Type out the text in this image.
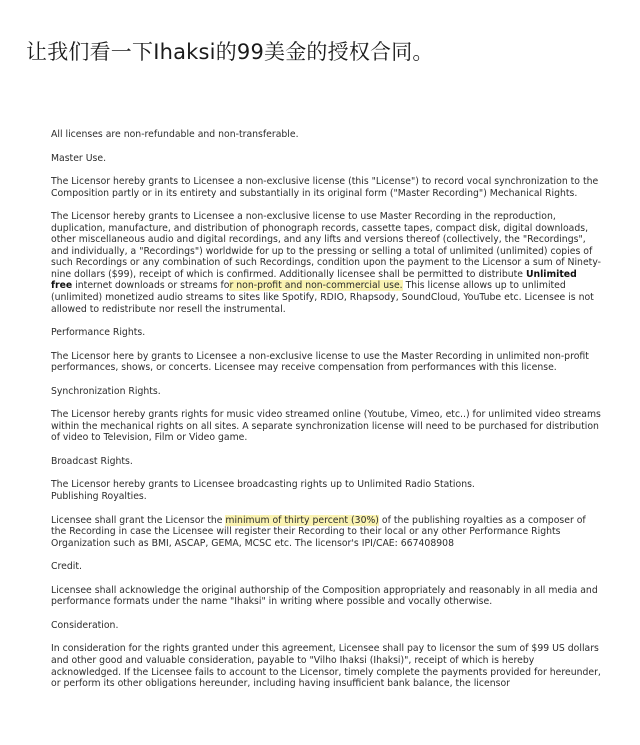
让我们看一下Ihaksi的99美金的授权合同。

All licenses are non-refundable and non-transferable.

Master Use.

The Licensor hereby grants to Licensee a non-exclusive license (this "License") to record vocal synchronization to the Composition partly or in its entirety and substantially in its original form ("Master Recording") Mechanical Rights.

The Licensor hereby grants to Licensee a non-exclusive license to use Master Recording in the reproduction, duplication, manufacture, and distribution of phonograph records, cassette tapes, compact disk, digital downloads, other miscellaneous audio and digital recordings, and any lifts and versions thereof (collectively, the "Recordings", and individually, a "Recordings") worldwide for up to the pressing or selling a total of unlimited (unlimited) copies of such Recordings or any combination of such Recordings, condition upon the payment to the Licensor a sum of Ninety-nine dollars ($99), receipt of which is confirmed. Additionally licensee shall be permitted to distribute Unlimited free internet downloads or streams for non-profit and non-commercial use. This license allows up to unlimited (unlimited) monetized audio streams to sites like Spotify, RDIO, Rhapsody, SoundCloud, YouTube etc. Licensee is not allowed to redistribute nor resell the instrumental.

Performance Rights.

The Licensor here by grants to Licensee a non-exclusive license to use the Master Recording in unlimited non-profit performances, shows, or concerts. Licensee may receive compensation from performances with this license.

Synchronization Rights.

The Licensor hereby grants rights for music video streamed online (Youtube, Vimeo, etc..) for unlimited video streams within the mechanical rights on all sites. A separate synchronization license will need to be purchased for distribution of video to Television, Film or Video game.

Broadcast Rights.

The Licensor hereby grants to Licensee broadcasting rights up to Unlimited Radio Stations.
Publishing Royalties.

Licensee shall grant the Licensor the minimum of thirty percent (30%) of the publishing royalties as a composer of the Recording in case the Licensee will register their Recording to their local or any other Performance Rights Organization such as BMI, ASCAP, GEMA, MCSC etc. The licensor's IPI/CAE: 667408908

Credit.

Licensee shall acknowledge the original authorship of the Composition appropriately and reasonably in all media and performance formats under the name "Ihaksi" in writing where possible and vocally otherwise.

Consideration.

In consideration for the rights granted under this agreement, Licensee shall pay to licensor the sum of $99 US dollars and other good and valuable consideration, payable to "Vilho Ihaksi (Ihaksi)", receipt of which is hereby acknowledged. If the Licensee fails to account to the Licensor, timely complete the payments provided for hereunder, or perform its other obligations hereunder, including having insufficient bank balance, the licensor
